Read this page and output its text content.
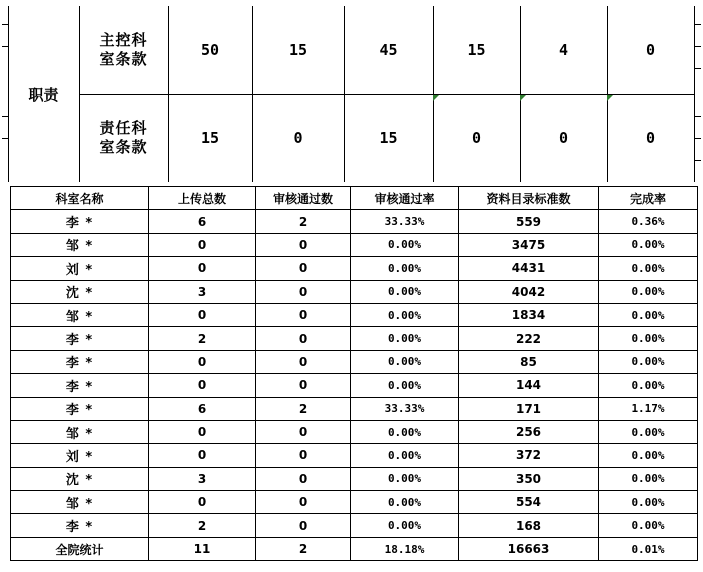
职责
主控科室条款	50	15	45	15	4	0
责任科室条款	15	0	15	0	0	0
科室名称	上传总数	审核通过数	审核通过率	资料目录标准数	完成率
李 *	6	2	33.33%	559	0.36%
邹 *	0	0	0.00%	3475	0.00%
刘 *	0	0	0.00%	4431	0.00%
沈 *	3	0	0.00%	4042	0.00%
邹 *	0	0	0.00%	1834	0.00%
李 *	2	0	0.00%	222	0.00%
李 *	0	0	0.00%	85	0.00%
李 *	0	0	0.00%	144	0.00%
李 *	6	2	33.33%	171	1.17%
邹 *	0	0	0.00%	256	0.00%
刘 *	0	0	0.00%	372	0.00%
沈 *	3	0	0.00%	350	0.00%
邹 *	0	0	0.00%	554	0.00%
李 *	2	0	0.00%	168	0.00%
全院统计	11	2	18.18%	16663	0.01%
